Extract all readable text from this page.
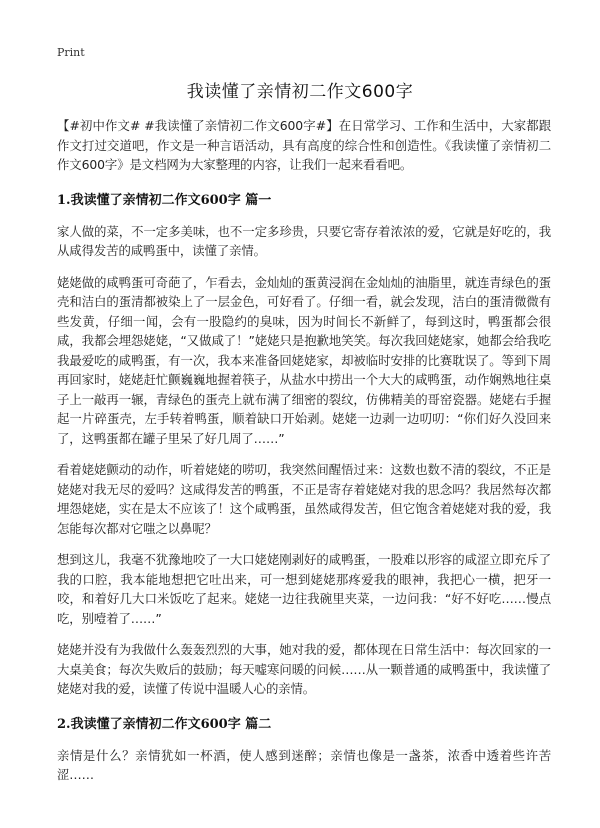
Print
我读懂了亲情初二作文600字

【#初中作文# #我读懂了亲情初二作文600字#】在日常学习、工作和生活中，大家都跟作文打过交道吧，作文是一种言语活动，具有高度的综合性和创造性。《我读懂了亲情初二作文600字》是文档网为大家整理的内容，让我们一起来看看吧。

1.我读懂了亲情初二作文600字 篇一

家人做的菜，不一定多美味，也不一定多珍贵，只要它寄存着浓浓的爱，它就是好吃的，我从咸得发苦的咸鸭蛋中，读懂了亲情。

姥姥做的咸鸭蛋可奇葩了，乍看去，金灿灿的蛋黄浸润在金灿灿的油脂里，就连青绿色的蛋壳和洁白的蛋清都被染上了一层金色，可好看了。仔细一看，就会发现，洁白的蛋清微微有些发黄，仔细一闻，会有一股隐约的臭味，因为时间长不新鲜了，每到这时，鸭蛋都会很咸，我都会埋怨姥姥，“又做咸了！”姥姥只是抱歉地笑笑。每次我回姥姥家，她都会给我吃我最爱吃的咸鸭蛋，有一次，我本来准备回姥姥家，却被临时安排的比赛耽误了。等到下周再回家时，姥姥赶忙颤巍巍地握着筷子，从盐水中捞出一个大大的咸鸭蛋，动作娴熟地往桌子上一敲再一辗，青绿色的蛋壳上就布满了细密的裂纹，仿佛精美的哥窑瓷器。姥姥右手握起一片碎蛋壳，左手转着鸭蛋，顺着缺口开始剥。姥姥一边剥一边叨叨：“你们好久没回来了，这鸭蛋都在罐子里呆了好几周了……”

看着姥姥颤动的动作，听着姥姥的唠叨，我突然间醒悟过来：这数也数不清的裂纹，不正是姥姥对我无尽的爱吗？这咸得发苦的鸭蛋，不正是寄存着姥姥对我的思念吗？我居然每次都埋怨姥姥，实在是太不应该了！这个咸鸭蛋，虽然咸得发苦，但它饱含着姥姥对我的爱，我怎能每次都对它嗤之以鼻呢？

想到这儿，我毫不犹豫地咬了一大口姥姥刚剥好的咸鸭蛋，一股难以形容的咸涩立即充斥了我的口腔，我本能地想把它吐出来，可一想到姥姥那疼爱我的眼神，我把心一横，把牙一咬，和着好几大口米饭吃了起来。姥姥一边往我碗里夹菜，一边问我：“好不好吃……慢点吃，别噎着了……”

姥姥并没有为我做什么轰轰烈烈的大事，她对我的爱，都体现在日常生活中：每次回家的一大桌美食；每次失败后的鼓励；每天嘘寒问暖的问候……从一颗普通的咸鸭蛋中，我读懂了姥姥对我的爱，读懂了传说中温暖人心的亲情。

2.我读懂了亲情初二作文600字 篇二

亲情是什么？亲情犹如一杯酒，使人感到迷醉；亲情也像是一盏茶，浓香中透着些许苦涩……
